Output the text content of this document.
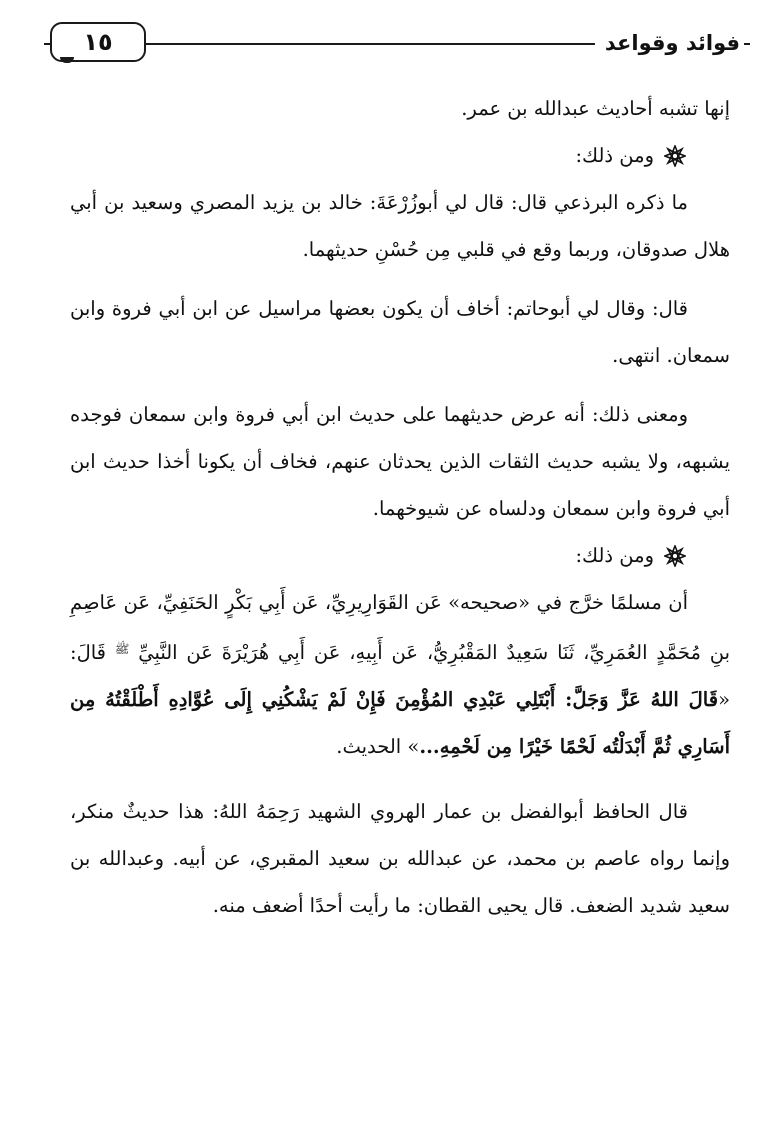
فوائد وقواعد
١٥

إنها تشبه أحاديث عبدالله بن عمر.

ومن ذلك:

ما ذكره البرذعي قال: قال لي أبوزُرْعَةَ: خالد بن يزيد المصري وسعيد بن أبي هلال صدوقان، وربما وقع في قلبي مِن حُسْنِ حديثهما.

قال: وقال لي أبوحاتم: أخاف أن يكون بعضها مراسيل عن ابن أبي فروة وابن سمعان. انتهى.

ومعنى ذلك: أنه عرض حديثهما على حديث ابن أبي فروة وابن سمعان فوجده يشبهه، ولا يشبه حديث الثقات الذين يحدثان عنهم، فخاف أن يكونا أخذا حديث ابن أبي فروة وابن سمعان ودلساه عن شيوخهما.

ومن ذلك:

أن مسلمًا خرَّج في «صحيحه» عَن القَوَارِيرِيِّ، عَن أَبِي بَكْرٍ الحَنَفِيِّ، عَن عَاصِمِ بنِ مُحَمَّدٍ العُمَرِيِّ، ثَنَا سَعِيدٌ المَقْبُرِيُّ، عَن أَبِيهِ، عَن أَبِي هُرَيْرَةَ عَن النَّبِيِّ $^ﷺ$ قَالَ: «قَالَ اللهُ عَزَّ وَجَلَّ: أَبْتَلِي عَبْدِي المُؤْمِنَ فَإِنْ لَمْ يَشْكُنِي إِلَى عُوَّادِهِ أَطْلَقْتُهُ مِن أَسَارِي ثُمَّ أَبْدَلْتُه لَحْمًا خَيْرًا مِن لَحْمِهِ...» الحديث.

قال الحافظ أبوالفضل بن عمار الهروي الشهيد رَحِمَهُ اللهُ: هذا حديثٌ منكر، وإنما رواه عاصم بن محمد، عن عبدالله بن سعيد المقبري، عن أبيه. وعبدالله بن سعيد شديد الضعف. قال يحيى القطان: ما رأيت أحدًا أضعف منه.
